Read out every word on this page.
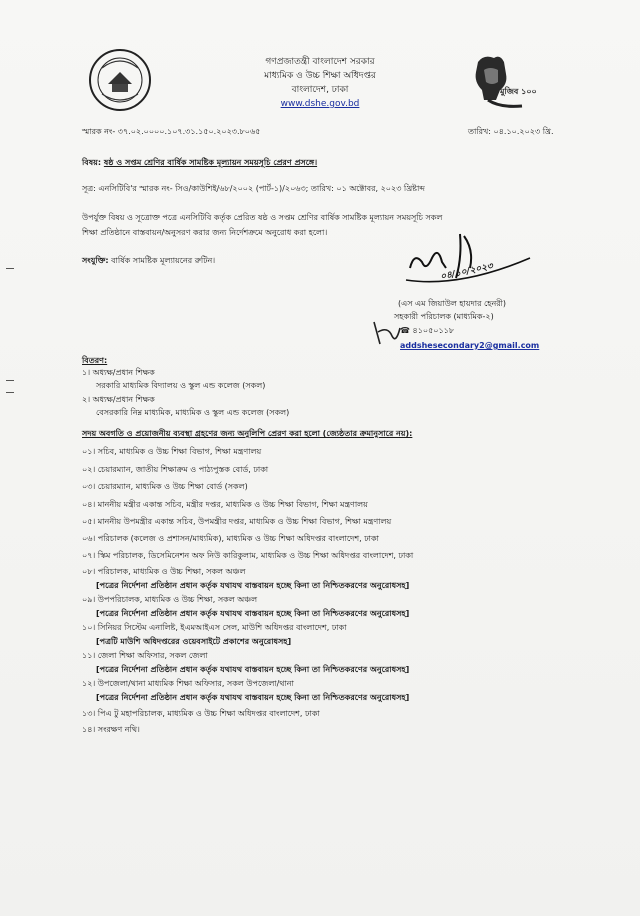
মুজিব ১০০
গণপ্রজাতন্ত্রী বাংলাদেশ সরকার
মাধ্যমিক ও উচ্চ শিক্ষা অধিদপ্তর
বাংলাদেশ, ঢাকা
www.dshe.gov.bd
স্মারক নং- ৩৭.০২.০০০০.১০৭.৩১.১৫০.২০২৩.৮০৬৫	তারিখ: ০৪.১০.২০২৩ খ্রি.
বিষয়: ষষ্ঠ ও সপ্তম শ্রেণির বার্ষিক সামষ্টিক মূল্যায়ন সময়সূচি প্রেরণ প্রসঙ্গে।
সূত্র: এনসিটিবি'র স্মারক নং- সিও/কাউশিই/৬৮/২০০২ (পার্ট-১)/২০৬৩; তারিখ: ০১ অক্টোবর, ২০২৩ খ্রিষ্টাব্দ
উপর্যুক্ত বিষয় ও সূত্রোক্ত পত্রে এনসিটিবি কর্তৃক প্রেরিত ষষ্ঠ ও সপ্তম শ্রেণির বার্ষিক সামষ্টিক মূল্যায়ন সময়সূচি সকল
শিক্ষা প্রতিষ্ঠানে বাস্তবায়ন/অনুসরণ করার জন্য নির্দেশক্রমে অনুরোধ করা হলো।
সংযুক্তি: বার্ষিক সামষ্টিক মূল্যায়নের রুটিন।
০৪/১০/২০২৩
(এস এম জিয়াউল হায়দার হেনরী)
সহকারী পরিচালক (মাধ্যমিক-২)
☎ ৪১০৫০১১৮
addshesecondary2@gmail.com
বিতরণ:
১। অধ্যক্ষ/প্রধান শিক্ষক
সরকারি মাধ্যমিক বিদ্যালয় ও স্কুল এন্ড কলেজ (সকল)
২। অধ্যক্ষ/প্রধান শিক্ষক
বেসরকারি নিম্ন মাধ্যমিক, মাধ্যমিক ও স্কুল এন্ড কলেজ (সকল)
সদয় অবগতি ও প্রয়োজনীয় ব্যবস্থা গ্রহণের জন্য অনুলিপি প্রেরণ করা হলো (জ্যেষ্ঠতার ক্রমানুসারে নয়):
০১। সচিব, মাধ্যমিক ও উচ্চ শিক্ষা বিভাগ, শিক্ষা মন্ত্রণালয়
০২। চেয়ারম্যান, জাতীয় শিক্ষাক্রম ও পাঠ্যপুস্তক বোর্ড, ঢাকা
০৩। চেয়ারম্যান, মাধ্যমিক ও উচ্চ শিক্ষা বোর্ড (সকল)
০৪। মাননীয় মন্ত্রীর একান্ত সচিব, মন্ত্রীর দপ্তর, মাধ্যমিক ও উচ্চ শিক্ষা বিভাগ, শিক্ষা মন্ত্রণালয়
০৫। মাননীয় উপমন্ত্রীর একান্ত সচিব, উপমন্ত্রীর দপ্তর, মাধ্যমিক ও উচ্চ শিক্ষা বিভাগ, শিক্ষা মন্ত্রণালয়
০৬। পরিচালক (কলেজ ও প্রশাসন/মাধ্যমিক), মাধ্যমিক ও উচ্চ শিক্ষা অধিদপ্তর বাংলাদেশ, ঢাকা
০৭। স্কিম পরিচালক, ডিসেমিনেশন অফ নিউ কারিকুলাম, মাধ্যমিক ও উচ্চ শিক্ষা অধিদপ্তর বাংলাদেশ, ঢাকা
০৮। পরিচালক, মাধ্যমিক ও উচ্চ শিক্ষা, সকল অঞ্চল
[পত্রের নির্দেশনা প্রতিষ্ঠান প্রধান কর্তৃক যথাযথ বাস্তবায়ন হচ্ছে কিনা তা নিশ্চিতকরণের অনুরোধসহ]
০৯। উপপরিচালক, মাধ্যমিক ও উচ্চ শিক্ষা, সকল অঞ্চল
[পত্রের নির্দেশনা প্রতিষ্ঠান প্রধান কর্তৃক যথাযথ বাস্তবায়ন হচ্ছে কিনা তা নিশ্চিতকরণের অনুরোধসহ]
১০। সিনিয়র সিস্টেম এনালিষ্ট, ইএমআইএস সেল, মাউশি অধিদপ্তর বাংলাদেশ, ঢাকা
[পত্রটি মাউশি অধিদপ্তরের ওয়েবসাইটে প্রকাশের অনুরোধসহ]
১১। জেলা শিক্ষা অফিসার, সকল জেলা
[পত্রের নির্দেশনা প্রতিষ্ঠান প্রধান কর্তৃক যথাযথ বাস্তবায়ন হচ্ছে কিনা তা নিশ্চিতকরণের অনুরোধসহ]
১২। উপজেলা/থানা মাধ্যমিক শিক্ষা অফিসার, সকল উপজেলা/থানা
[পত্রের নির্দেশনা প্রতিষ্ঠান প্রধান কর্তৃক যথাযথ বাস্তবায়ন হচ্ছে কিনা তা নিশ্চিতকরণের অনুরোধসহ]
১৩। পিএ টু মহাপরিচালক, মাধ্যমিক ও উচ্চ শিক্ষা অধিদপ্তর বাংলাদেশ, ঢাকা
১৪। সংরক্ষণ নথি।
